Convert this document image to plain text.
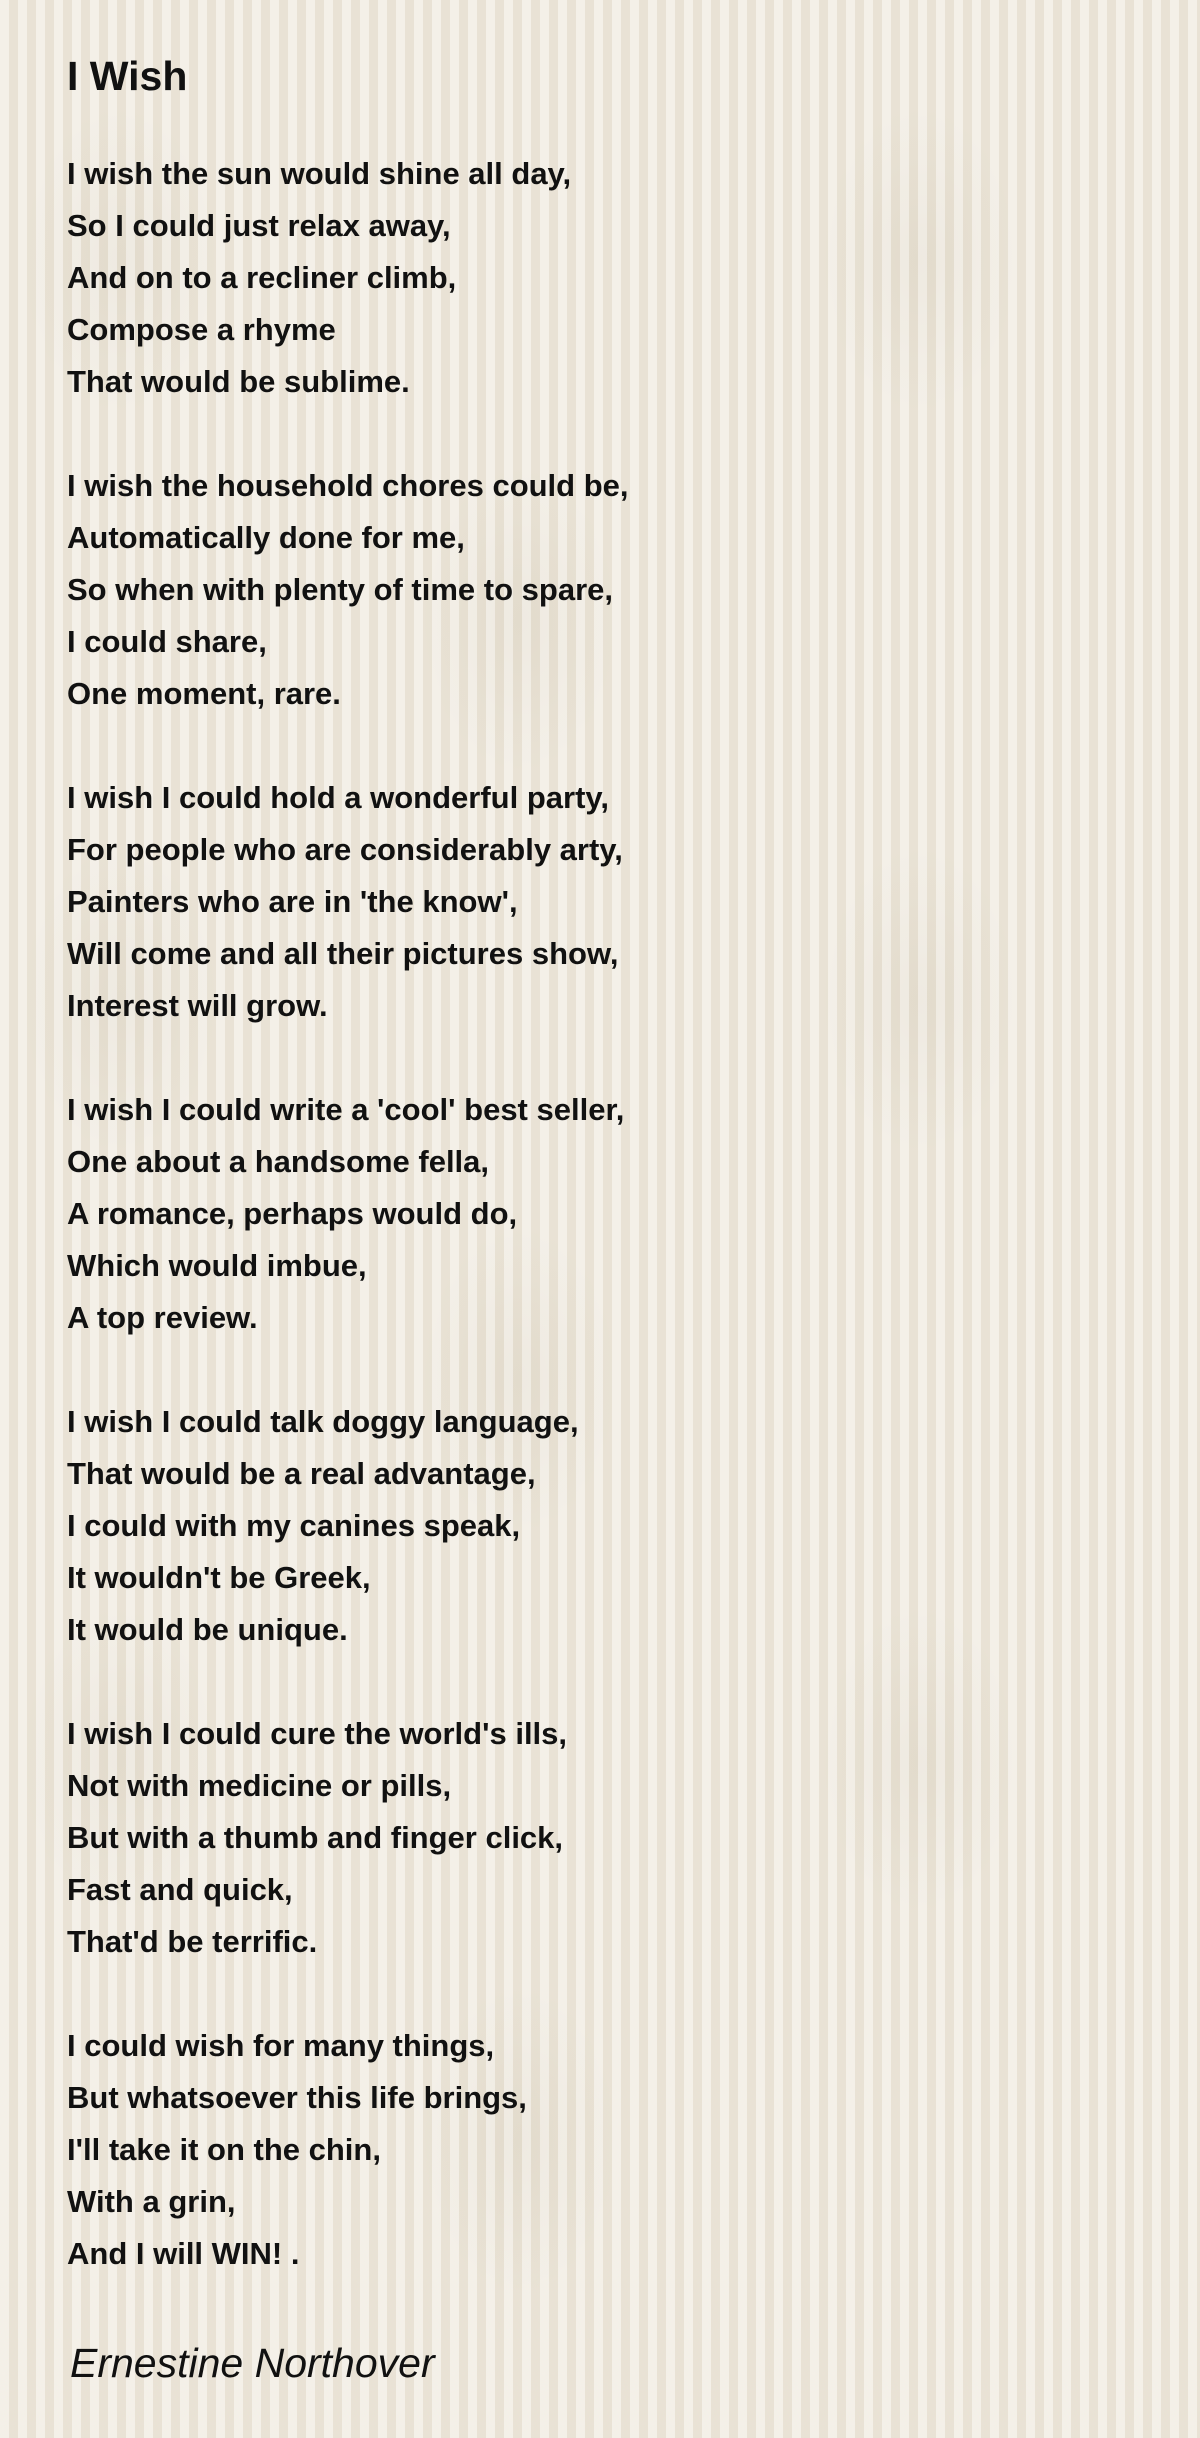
I Wish
I wish the sun would shine all day,
So I could just relax away,
And on to a recliner climb,
Compose a rhyme
That would be sublime.
I wish the household chores could be,
Automatically done for me,
So when with plenty of time to spare,
I could share,
One moment, rare.
I wish I could hold a wonderful party,
For people who are considerably arty,
Painters who are in 'the know',
Will come and all their pictures show,
Interest will grow.
I wish I could write a 'cool' best seller,
One about a handsome fella,
A romance, perhaps would do,
Which would imbue,
A top review.
I wish I could talk doggy language,
That would be a real advantage,
I could with my canines speak,
It wouldn't be Greek,
It would be unique.
I wish I could cure the world's ills,
Not with medicine or pills,
But with a thumb and finger click,
Fast and quick,
That'd be terrific.
I could wish for many things,
But whatsoever this life brings,
I'll take it on the chin,
With a grin,
And I will WIN! .
Ernestine Northover
